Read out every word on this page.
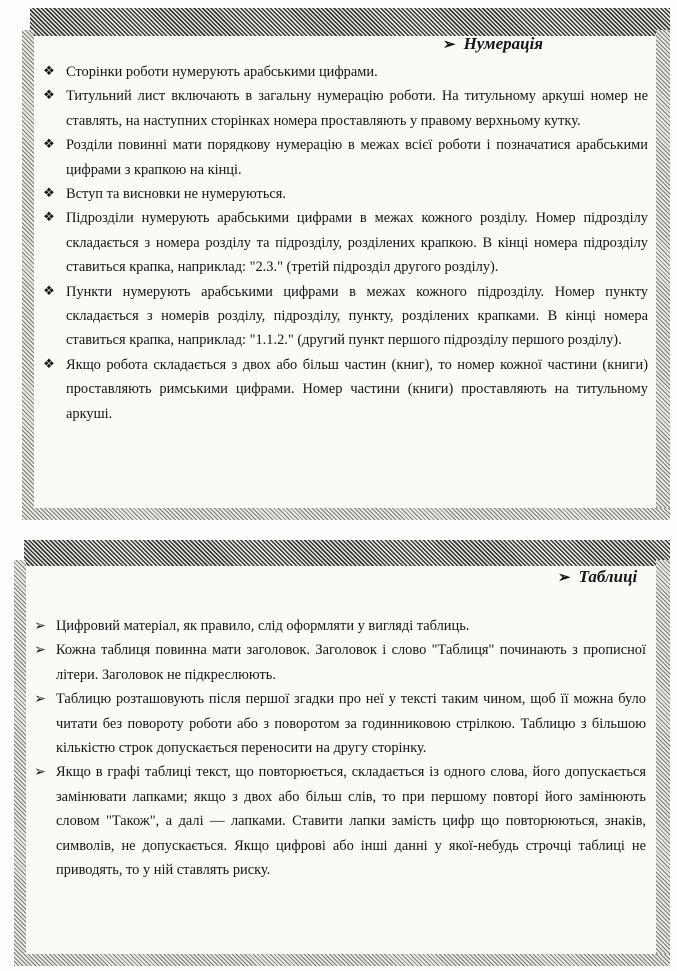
➢ Нумерація
❖ Сторінки роботи нумерують арабськими цифрами.
❖ Титульний лист включають в загальну нумерацію роботи. На титульному аркуші номер не ставлять, на наступних сторінках номера проставляють у правому верхньому кутку.
❖ Розділи повинні мати порядкову нумерацію в межах всієї роботи і позначатися арабськими цифрами з крапкою на кінці.
❖ Вступ та висновки не нумеруються.
❖ Підрозділи нумерують арабськими цифрами в межах кожного розділу. Номер підрозділу складається з номера розділу та підрозділу, розділених крапкою. В кінці номера підрозділу ставиться крапка, наприклад: "2.3." (третій підрозділ другого розділу).
❖ Пункти нумерують арабськими цифрами в межах кожного підрозділу. Номер пункту складається з номерів розділу, підрозділу, пункту, розділених крапками. В кінці номера ставиться крапка, наприклад: "1.1.2." (другий пункт першого підрозділу першого розділу).
❖ Якщо робота складається з двох або більш частин (книг), то номер кожної частини (книги) проставляють римськими цифрами. Номер частини (книги) проставляють на титульному аркуші.
➢ Таблиці
➢ Цифровий матеріал, як правило, слід оформляти у вигляді таблиць.
➢ Кожна таблиця повинна мати заголовок. Заголовок і слово "Таблиця" починають з прописної літери. Заголовок не підкреслюють.
➢ Таблицю розташовують після першої згадки про неї у тексті таким чином, щоб її можна було читати без повороту роботи або з поворотом за годинниковою стрілкою. Таблицю з більшою кількістю строк допускається переносити на другу сторінку.
➢ Якщо в графі таблиці текст, що повторюється, складається із одного слова, його допускається замінювати лапками; якщо з двох або більш слів, то при першому повторі його замінюють словом "Також", а далі — лапками. Ставити лапки замість цифр що повторюються, знаків, символів, не допускається. Якщо цифрові або інші данні у якої-небудь строчці таблиці не приводять, то у ній ставлять риску.
